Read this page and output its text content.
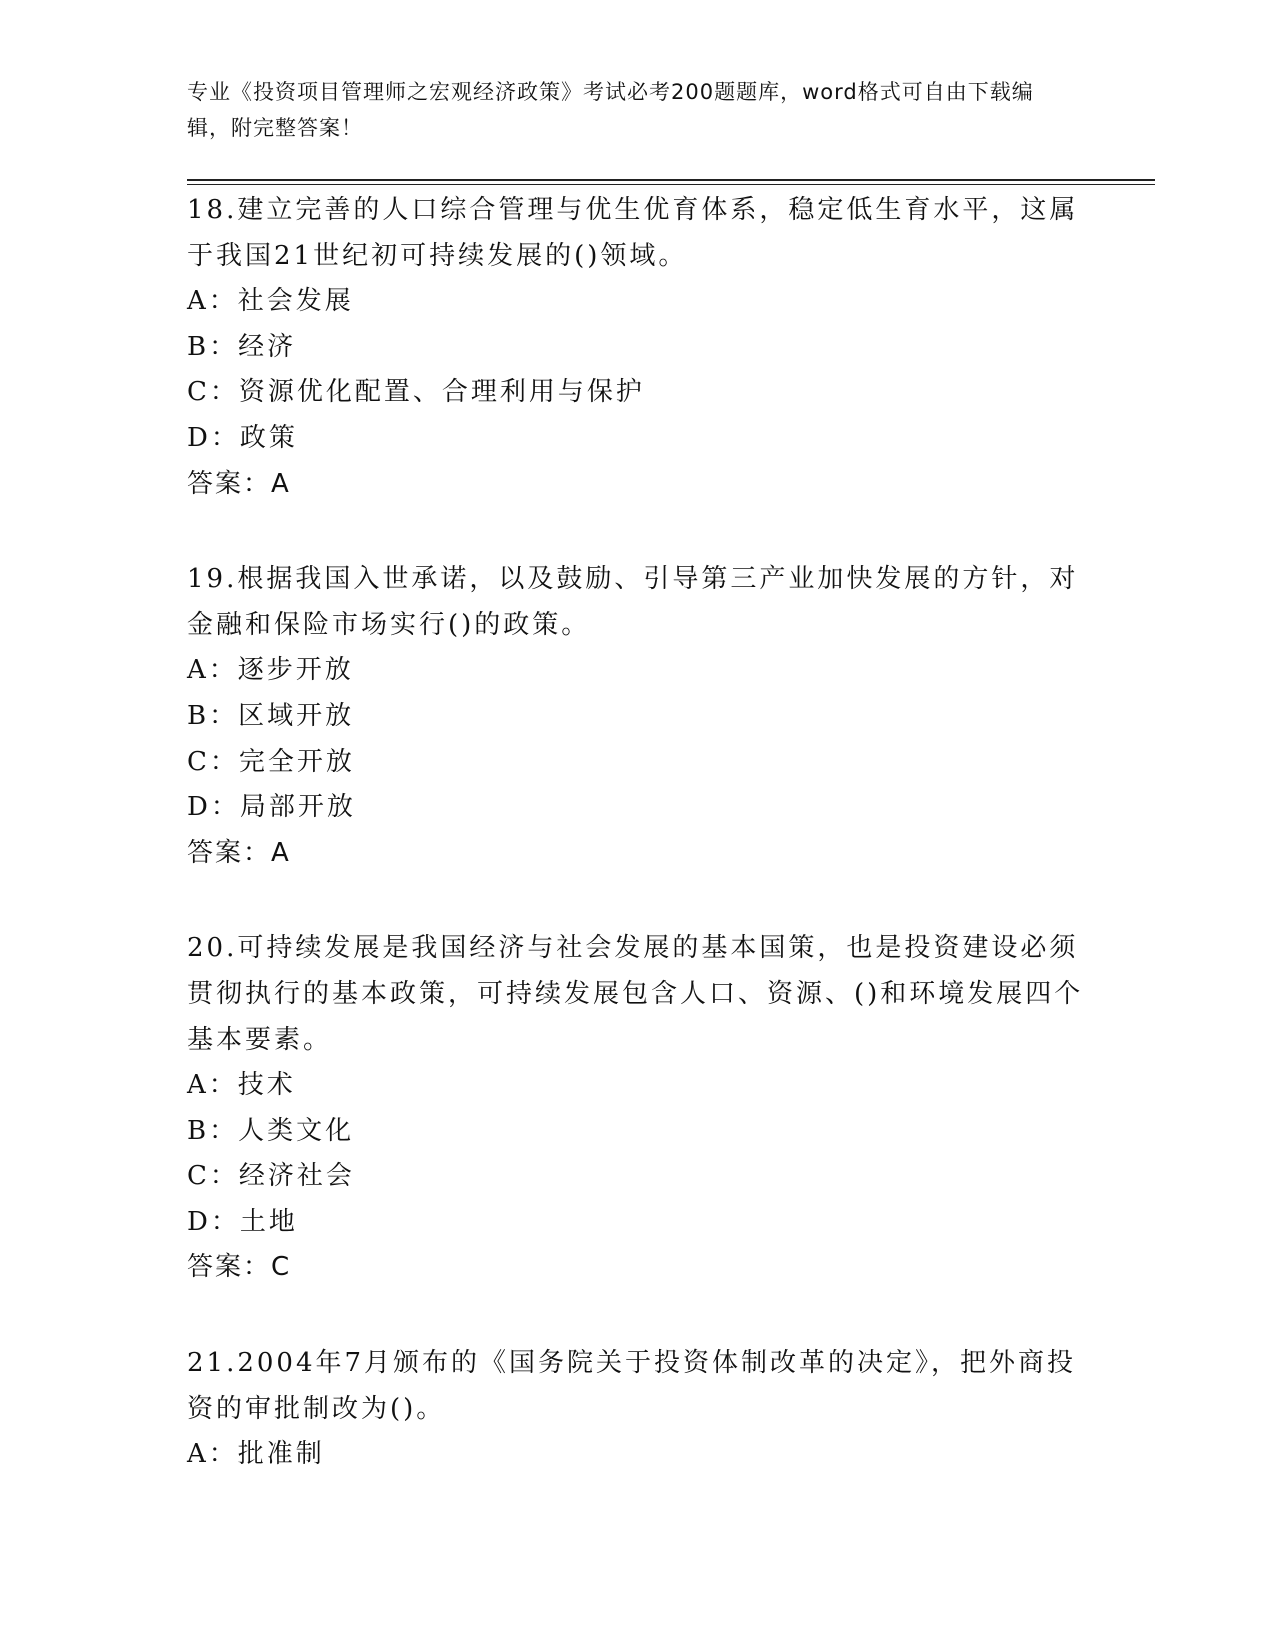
专业《投资项目管理师之宏观经济政策》考试必考200题题库，word格式可自由下载编辑，附完整答案！
18.建立完善的人口综合管理与优生优育体系，稳定低生育水平，这属于我国21世纪初可持续发展的()领域。
A：社会发展
B：经济
C：资源优化配置、合理利用与保护
D：政策
答案：A
19.根据我国入世承诺，以及鼓励、引导第三产业加快发展的方针，对金融和保险市场实行()的政策。
A：逐步开放
B：区域开放
C：完全开放
D：局部开放
答案：A
20.可持续发展是我国经济与社会发展的基本国策，也是投资建设必须贯彻执行的基本政策，可持续发展包含人口、资源、()和环境发展四个基本要素。
A：技术
B：人类文化
C：经济社会
D：土地
答案：C
21.2004年7月颁布的《国务院关于投资体制改革的决定》，把外商投资的审批制改为()。
A：批准制
